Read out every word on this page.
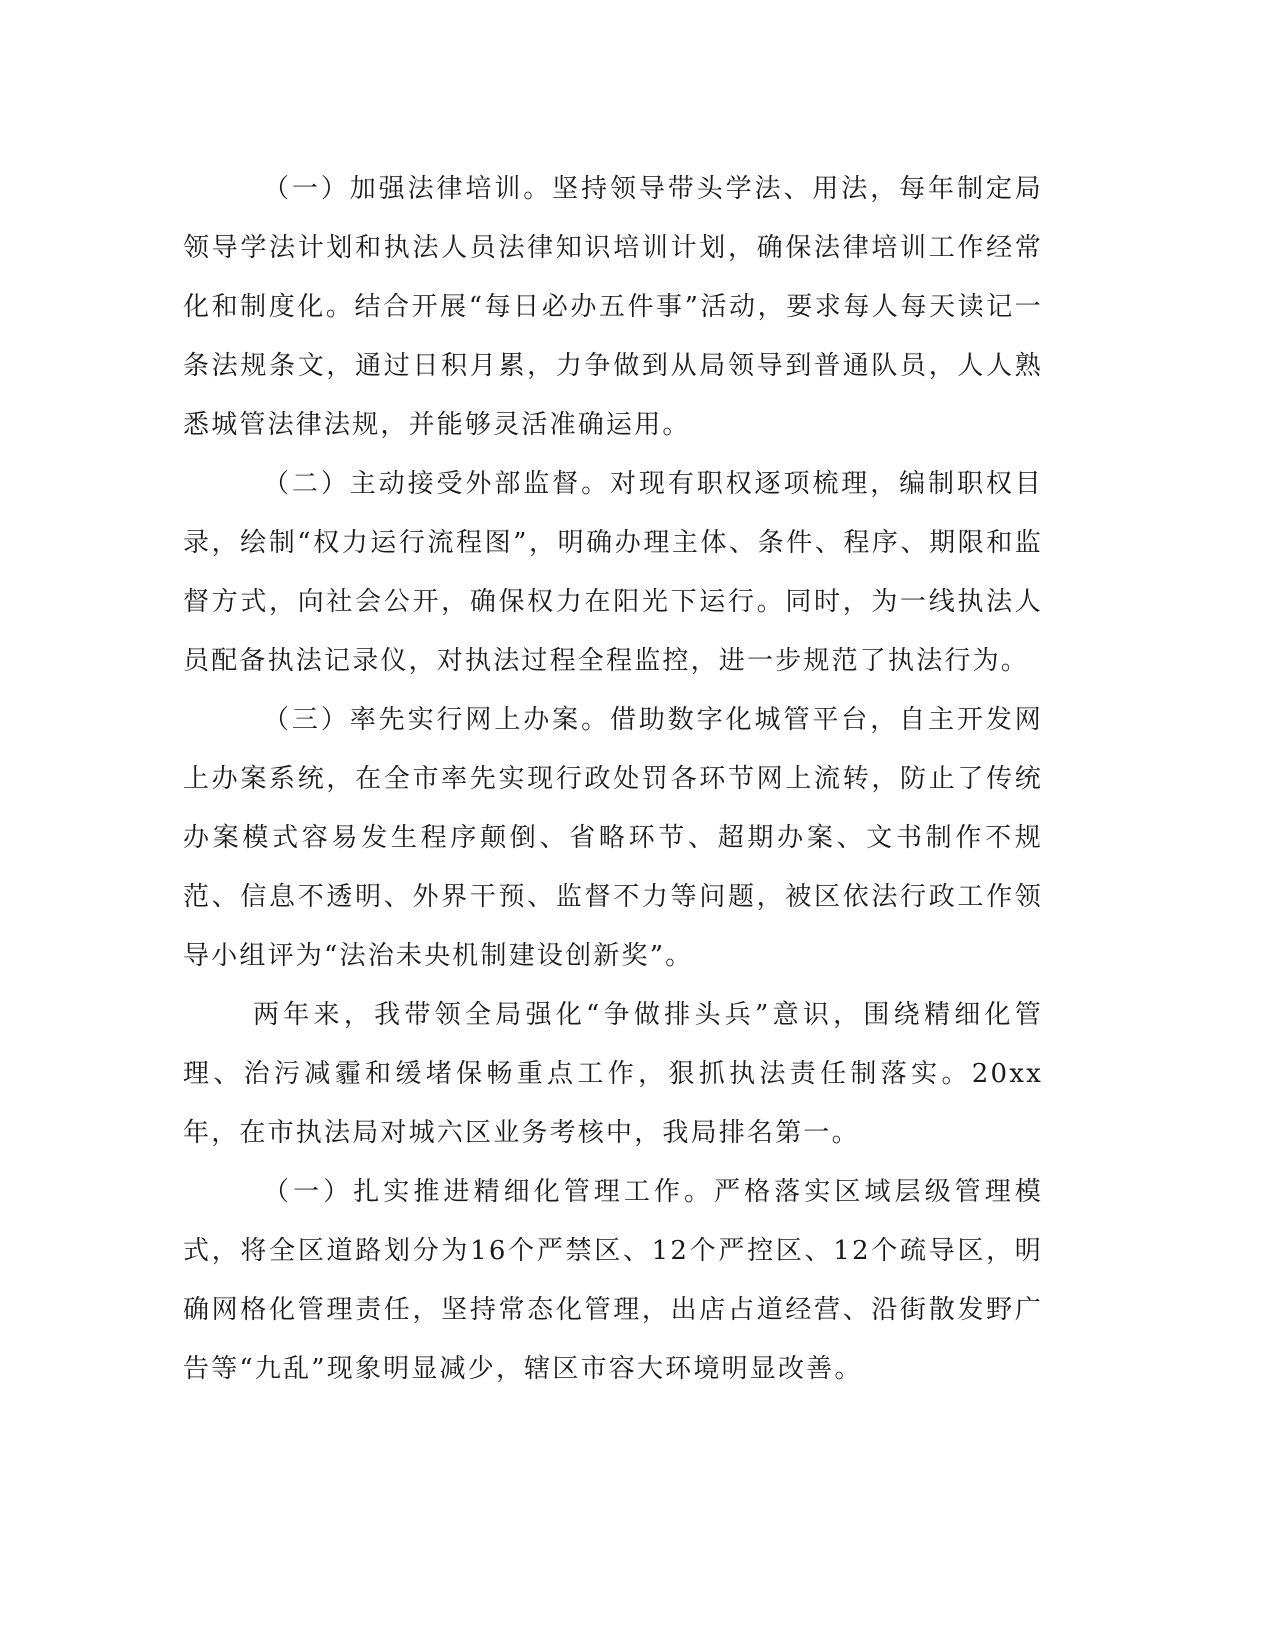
（一）加强法律培训。坚持领导带头学法、用法，每年制定局领导学法计划和执法人员法律知识培训计划，确保法律培训工作经常化和制度化。结合开展“每日必办五件事”活动，要求每人每天读记一条法规条文，通过日积月累，力争做到从局领导到普通队员，人人熟悉城管法律法规，并能够灵活准确运用。

（二）主动接受外部监督。对现有职权逐项梳理，编制职权目录，绘制“权力运行流程图”，明确办理主体、条件、程序、期限和监督方式，向社会公开，确保权力在阳光下运行。同时，为一线执法人员配备执法记录仪，对执法过程全程监控，进一步规范了执法行为。

（三）率先实行网上办案。借助数字化城管平台，自主开发网上办案系统，在全市率先实现行政处罚各环节网上流转，防止了传统办案模式容易发生程序颠倒、省略环节、超期办案、文书制作不规范、信息不透明、外界干预、监督不力等问题，被区依法行政工作领导小组评为“法治未央机制建设创新奖”。

两年来，我带领全局强化“争做排头兵”意识，围绕精细化管理、治污减霾和缓堵保畅重点工作，狠抓执法责任制落实。20xx年，在市执法局对城六区业务考核中，我局排名第一。

（一）扎实推进精细化管理工作。严格落实区域层级管理模式，将全区道路划分为16个严禁区、12个严控区、12个疏导区，明确网格化管理责任，坚持常态化管理，出店占道经营、沿街散发野广告等“九乱”现象明显减少，辖区市容大环境明显改善。
